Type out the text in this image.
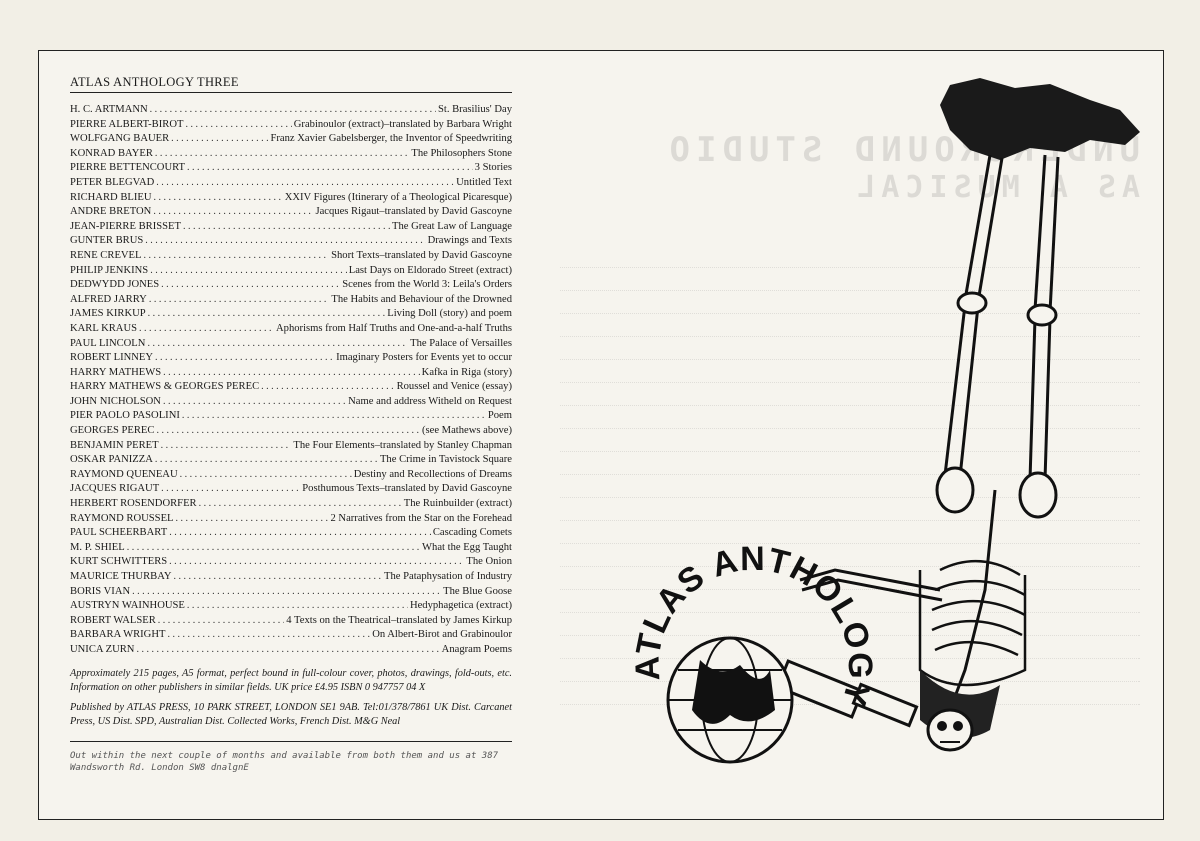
ATLAS ANTHOLOGY THREE
H. C. ARTMANN . . .	St. Brasilius' Day
PIERRE ALBERT-BIROT . . .	Grabinoulor (extract)–translated by Barbara Wright
WOLFGANG BAUER . . .	Franz Xavier Gabelsberger, the Inventor of Speedwriting
KONRAD BAYER . . .	The Philosophers Stone
PIERRE BETTENCOURT . . .	3 Stories
PETER BLEGVAD . . .	Untitled Text
RICHARD BLIEU . . .	XXIV Figures (Itinerary of a Theological Picaresque)
ANDRE BRETON . . .	Jacques Rigaut–translated by David Gascoyne
JEAN-PIERRE BRISSET . . .	The Great Law of Language
GUNTER BRUS . . .	Drawings and Texts
RENE CREVEL . . .	Short Texts–translated by David Gascoyne
PHILIP JENKINS . . .	Last Days on Eldorado Street (extract)
DEDWYDD JONES . . .	Scenes from the World 3: Leila's Orders
ALFRED JARRY . . .	The Habits and Behaviour of the Drowned
JAMES KIRKUP . . .	Living Doll (story) and poem
KARL KRAUS . . .	Aphorisms from Half Truths and One-and-a-half Truths
PAUL LINCOLN . . .	The Palace of Versailles
ROBERT LINNEY . . .	Imaginary Posters for Events yet to occur
HARRY MATHEWS . . .	Kafka in Riga (story)
HARRY MATHEWS & GEORGES PEREC . . .	Roussel and Venice (essay)
JOHN NICHOLSON . . .	Name and address Witheld on Request
PIER PAOLO PASOLINI . . .	Poem
GEORGES PEREC . . .	(see Mathews above)
BENJAMIN PERET . . .	The Four Elements–translated by Stanley Chapman
OSKAR PANIZZA . . .	The Crime in Tavistock Square
RAYMOND QUENEAU . . .	Destiny and Recollections of Dreams
JACQUES RIGAUT . . .	Posthumous Texts–translated by David Gascoyne
HERBERT ROSENDORFER . . .	The Ruinbuilder (extract)
RAYMOND ROUSSEL . . .	2 Narratives from the Star on the Forehead
PAUL SCHEERBART . . .	Cascading Comets
M. P. SHIEL . . .	What the Egg Taught
KURT SCHWITTERS . . .	The Onion
MAURICE THURBAY . . .	The Pataphysation of Industry
BORIS VIAN . . .	The Blue Goose
AUSTRYN WAINHOUSE . . .	Hedyphagetica (extract)
ROBERT WALSER . . .	4 Texts on the Theatrical–translated by James Kirkup
BARBARA WRIGHT . . .	On Albert-Birot and Grabinoulor
UNICA ZURN . . .	Anagram Poems

Approximately 215 pages, A5 format, perfect bound in full-colour cover, photos, drawings, fold-outs, etc. Information on other publishers in similar fields. UK price £4.95 ISBN 0 947757 04 X

Published by ATLAS PRESS, 10 PARK STREET, LONDON SE1 9AB. Tel:01/378/7861 UK Dist. Carcanet Press, US Dist. SPD, Australian Dist. Collected Works, French Dist. M&G Neal

Out within the next couple of months and available from both them and us at 387 Wandsworth Rd. London SW8 dnalgnE
ATLAS ANTHOLOGY
